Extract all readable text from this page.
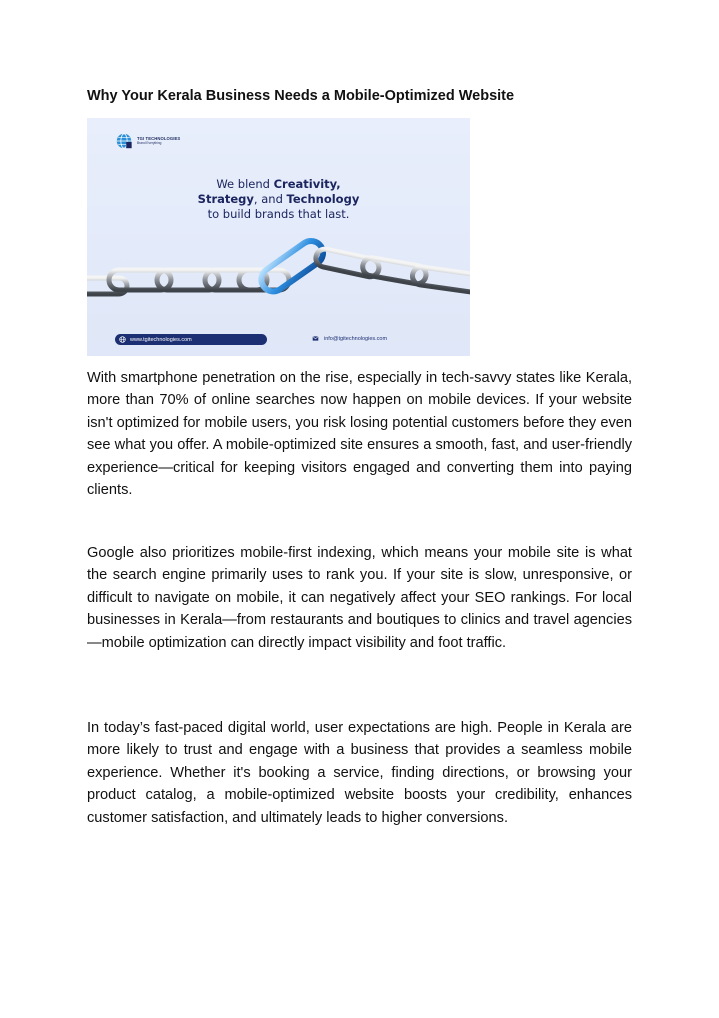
Why Your Kerala Business Needs a Mobile-Optimized Website
TGI TECHNOLOGIES
Brand Everything
We blend Creativity,
Strategy, and Technology
to build brands that last.
www.tgitechnologies.com	info@tgitechnologies.com

With smartphone penetration on the rise, especially in tech-savvy states like Kerala, more than 70% of online searches now happen on mobile devices. If your website isn't optimized for mobile users, you risk losing potential customers before they even see what you offer. A mobile-optimized site ensures a smooth, fast, and user-friendly experience—critical for keeping visitors engaged and converting them into paying clients.

Google also prioritizes mobile-first indexing, which means your mobile site is what the search engine primarily uses to rank you. If your site is slow, unresponsive, or difficult to navigate on mobile, it can negatively affect your SEO rankings. For local businesses in Kerala—from restaurants and boutiques to clinics and travel agencies—mobile optimization can directly impact visibility and foot traffic.

In today’s fast-paced digital world, user expectations are high. People in Kerala are more likely to trust and engage with a business that provides a seamless mobile experience. Whether it's booking a service, finding directions, or browsing your product catalog, a mobile-optimized website boosts your credibility, enhances customer satisfaction, and ultimately leads to higher conversions.
